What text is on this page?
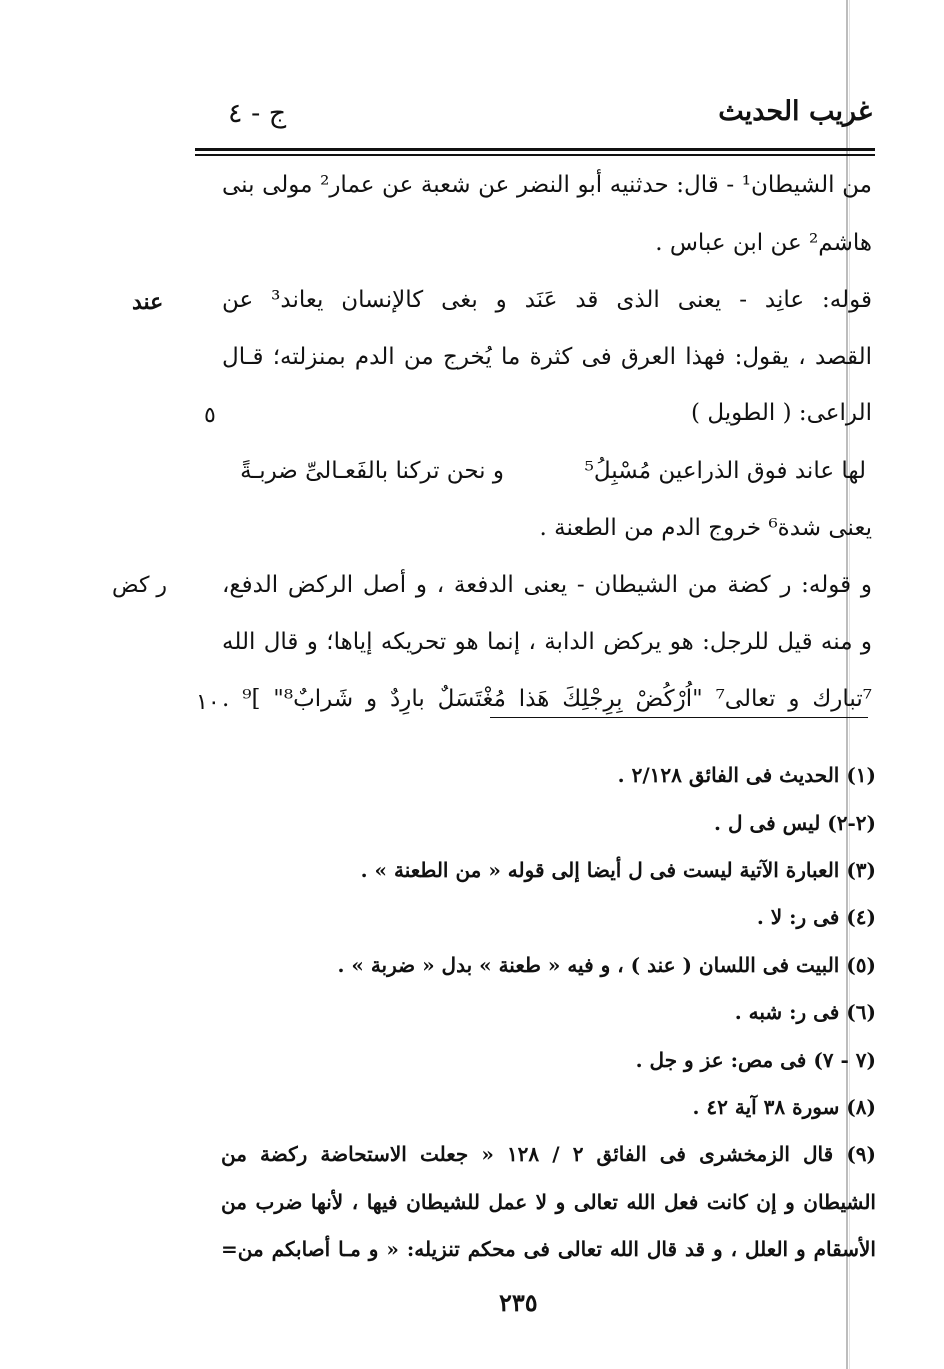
غريب الحديث
ج - ٤
من الشيطان¹ - قال: حدثنيه أبو النضر عن شعبة عن عمار² مولى بنى
هاشم² عن ابن عباس .
قوله: عانِد - يعنى الذى قد عَنَد و بغى كالإنسان يعاند³ عن
القصد ، يقول: فهذا العرق فى كثرة ما يُخرج من الدم بمنزلته؛ قـال
الراعى: ( الطويل )
و نحن تركنا بالفَعـالىِّ ضربـةً	لها عاند فوق الذراعين مُسْبِلُ⁵
يعنى شدة⁶ خروج الدم من الطعنة .
و قوله: ر كضة من الشيطان - يعنى الدفعة ، و أصل الركض الدفع،
و منه قيل للرجل: هو يركض الدابة ، إنما هو تحريكه إياها؛ و قال الله
⁷تبارك و تعالى⁷ "اُرْكُضْ بِرِجْلِكَ هَذا مُغْتَسَلٌ بارِدٌ و شَرابٌ⁸" ]⁹ .
عند
٥
ر كض
١٠
(١) الحديث فى الفائق ٢/١٢٨ .
(٢-٢) ليس فى ل .
(٣) العبارة الآتية ليست فى ل أيضا إلى قوله « من الطعنة » .
(٤) فى ر: لا .
(٥) البيت فى اللسان ( عند ) ، و فيه « طعنة » بدل « ضربة » .
(٦) فى ر: شبه .
(٧ - ٧) فى مص: عز و جل .
(٨) سورة ٣٨ آية ٤٢ .
(٩) قال الزمخشرى فى الفائق ٢ / ١٢٨ « جعلت الاستحاضة ركضة من
الشيطان و إن كانت فعل الله تعالى و لا عمل للشيطان فيها ، لأنها ضرب من
الأسقام و العلل ، و قد قال الله تعالى فى محكم تنزيله: « و مـا أصابكم من=
٢٣٥
